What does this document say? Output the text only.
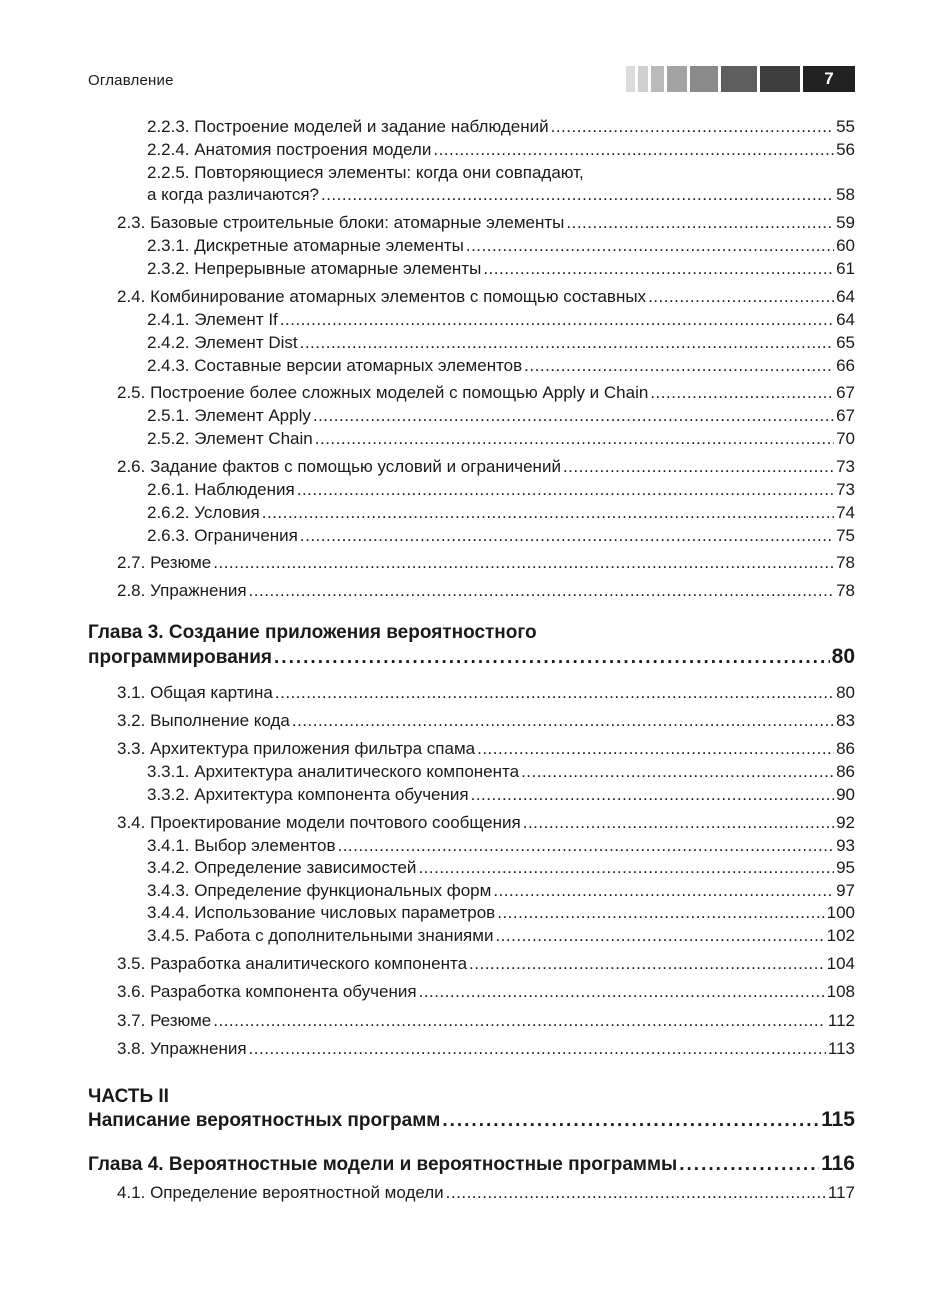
Оглавление	7
2.2.3. Построение моделей и задание наблюдений .....	55
2.2.4. Анатомия построения модели .....	56
2.2.5. Повторяющиеся элементы: когда они совпадают,
а когда различаются? .....	58
2.3. Базовые строительные блоки: атомарные элементы .....	59
2.3.1. Дискретные атомарные элементы .....	60
2.3.2. Непрерывные атомарные элементы .....	61
2.4. Комбинирование атомарных элементов с помощью составных .....	64
2.4.1. Элемент If .....	64
2.4.2. Элемент Dist .....	65
2.4.3. Составные версии атомарных элементов .....	66
2.5. Построение более сложных моделей с помощью Apply и Chain .....	67
2.5.1. Элемент Apply .....	67
2.5.2. Элемент Chain .....	70
2.6. Задание фактов с помощью условий и ограничений .....	73
2.6.1. Наблюдения .....	73
2.6.2. Условия .....	74
2.6.3. Ограничения .....	75
2.7. Резюме .....	78
2.8. Упражнения .....	78
Глава 3. Создание приложения вероятностного
программирования .....	80
3.1. Общая картина .....	80
3.2. Выполнение кода .....	83
3.3. Архитектура приложения фильтра спама .....	86
3.3.1. Архитектура аналитического компонента .....	86
3.3.2. Архитектура компонента обучения .....	90
3.4. Проектирование модели почтового сообщения .....	92
3.4.1. Выбор элементов .....	93
3.4.2. Определение зависимостей .....	95
3.4.3. Определение функциональных форм .....	97
3.4.4. Использование числовых параметров .....	100
3.4.5. Работа с дополнительными знаниями .....	102
3.5. Разработка аналитического компонента .....	104
3.6. Разработка компонента обучения .....	108
3.7. Резюме .....	112
3.8. Упражнения .....	113
ЧАСТЬ II
Написание вероятностных программ .....	115
Глава 4. Вероятностные модели и вероятностные программы .....	116
4.1. Определение вероятностной модели .....	117
